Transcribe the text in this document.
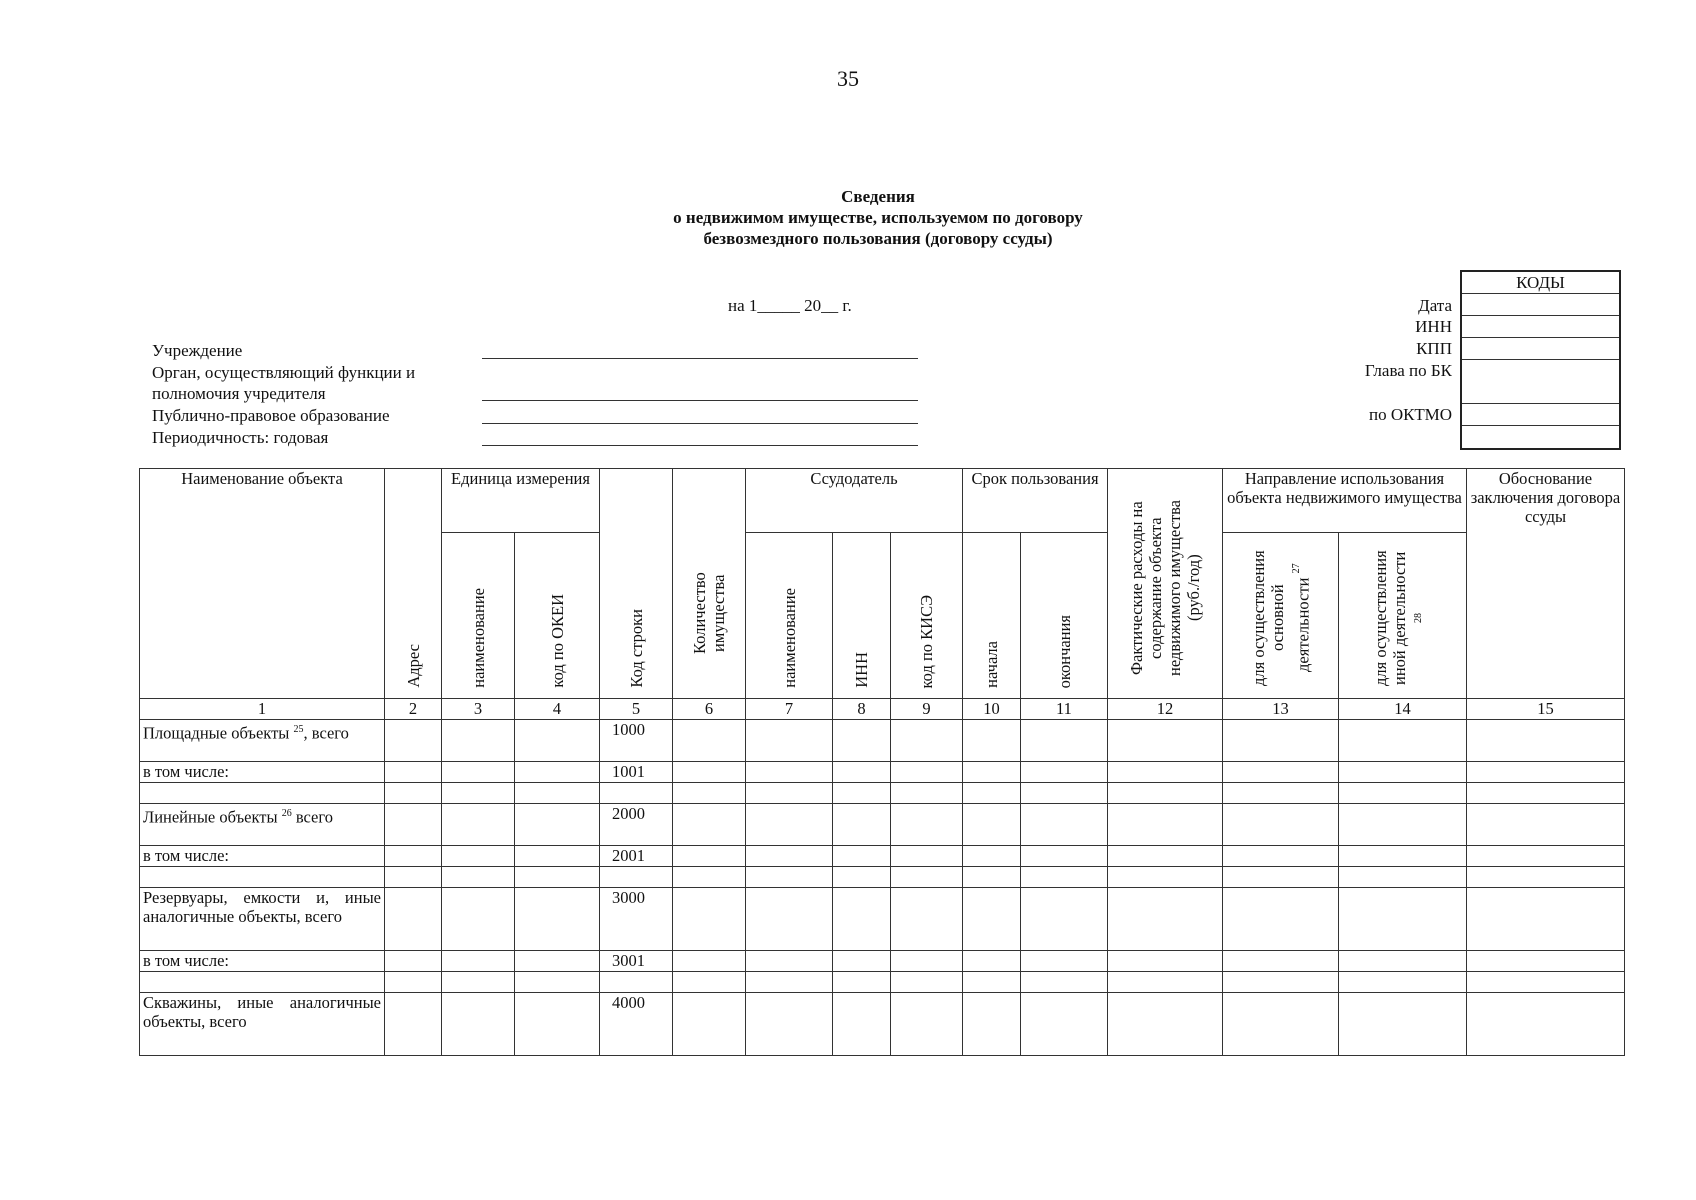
35
Сведения
о недвижимом имуществе, используемом по договору
безвозмездного пользования (договору ссуды)
на 1_____ 20__ г.
Учреждение
Орган, осуществляющий функции и
полномочия учредителя
Публично-правовое образование
Периодичность: годовая
Дата
ИНН
КПП
Глава по БК
по ОКТМО
КОДЫ
Наименование объекта	Адрес	Единица измерения		Код строки	Количество имущества	Ссудодатель			Срок пользования		Фактические расходы на содержание объекта недвижимого имущества (руб./год)	Направление использования объекта недвижимого имущества		Обоснование заключения договора ссуды
		наименование	код по ОКЕИ			наименование	ИНН	код по КИСЭ	начала	окончания		для осуществления основной деятельности $^{27}$	для осуществления иной деятельности $^{28}$
1	2	3	4	5	6	7	8	9	10	11	12	13	14	15
Площадные объекты $^{25}$, всего				1000										
в том числе:				1001										

Линейные объекты $^{26}$ всего				2000										
в том числе:				2001										

Резервуары, емкости и, иные аналогичные объекты, всего				3000										
в том числе:				3001										

Скважины, иные аналогичные объекты, всего				4000										
